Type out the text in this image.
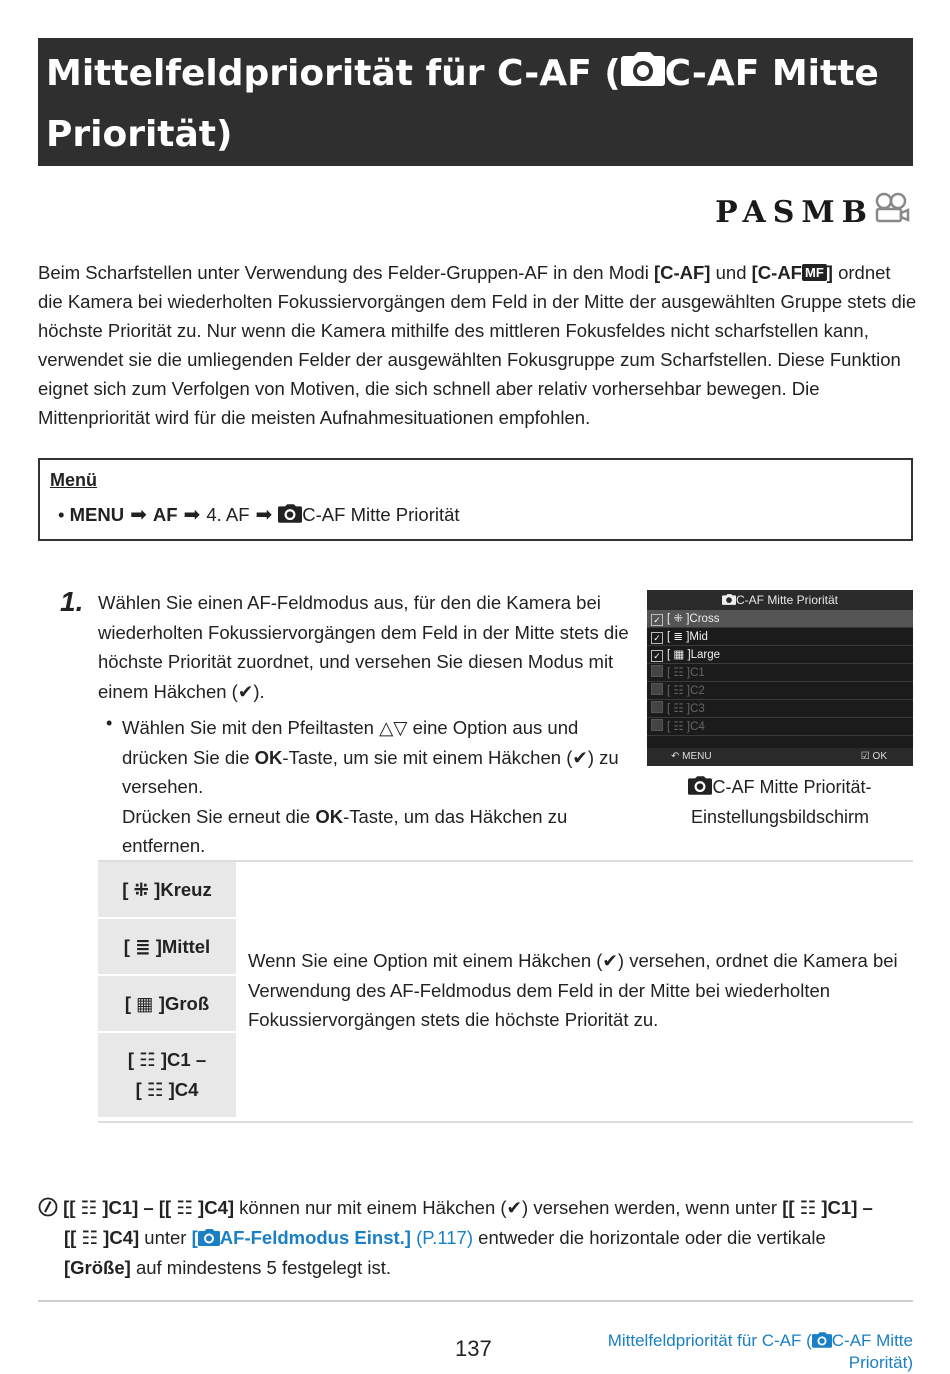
Mittelfeldpriorität für C-AF ( C-AF Mitte
Priorität)
PASMB
Beim Scharfstellen unter Verwendung des Felder-Gruppen-AF in den Modi [C-AF] und [C-AF MF ] ordnet die Kamera bei wiederholten Fokussiervorgängen dem Feld in der Mitte der ausgewählten Gruppe stets die höchste Priorität zu. Nur wenn die Kamera mithilfe des mittleren Fokusfeldes nicht scharfstellen kann, verwendet sie die umliegenden Felder der ausgewählten Fokusgruppe zum Scharfstellen. Diese Funktion eignet sich zum Verfolgen von Motiven, die sich schnell aber relativ vorhersehbar bewegen. Die Mittenpriorität wird für die meisten Aufnahmesituationen empfohlen.
Menü
• MENU ➡ AF ➡ 4. AF ➡ C-AF Mitte Priorität
1. Wählen Sie einen AF-Feldmodus aus, für den die Kamera bei wiederholten Fokussiervorgängen dem Feld in der Mitte stets die höchste Priorität zuordnet, und versehen Sie diesen Modus mit einem Häkchen (✔).
• Wählen Sie mit den Pfeiltasten △▽ eine Option aus und drücken Sie die OK-Taste, um sie mit einem Häkchen (✔) zu versehen.
Drücken Sie erneut die OK-Taste, um das Häkchen zu entfernen.
C-AF Mitte Priorität
✓ [ ⁜ ]Cross
✓ [ ≣ ]Mid
✓ [ ▦ ]Large
[ ☷ ]C1
[ ☷ ]C2
[ ☷ ]C3
[ ☷ ]C4
↶ MENU	☑ OK
C-AF Mitte Priorität-
Einstellungsbildschirm
[ ⁜ ]Kreuz
[ ≣ ]Mittel
[ ▦ ]Groß
[ ☷ ]C1 –
[ ☷ ]C4
Wenn Sie eine Option mit einem Häkchen (✔) versehen, ordnet die Kamera bei Verwendung des AF-Feldmodus dem Feld in der Mitte bei wiederholten Fokussiervorgängen stets die höchste Priorität zu.
[[ ☷ ]C1] – [[ ☷ ]C4] können nur mit einem Häkchen (✔) versehen werden, wenn unter [[ ☷ ]C1] –
[[ ☷ ]C4] unter [ AF-Feldmodus Einst.] (P.117) entweder die horizontale oder die vertikale
[Größe] auf mindestens 5 festgelegt ist.
137	Mittelfeldpriorität für C-AF ( C-AF Mitte
Priorität)
